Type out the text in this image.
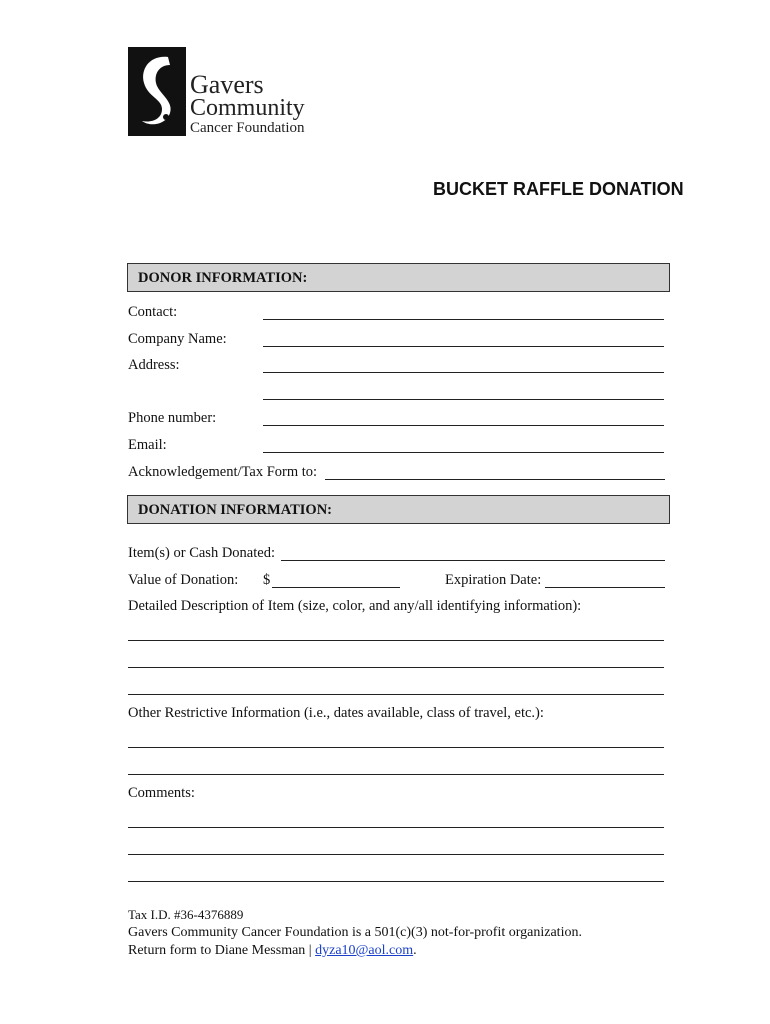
Gavers
Community
Cancer Foundation
BUCKET RAFFLE DONATION
DONOR INFORMATION:
Contact:
Company Name:
Address:
Phone number:
Email:
Acknowledgement/Tax Form to:
DONATION INFORMATION:
Item(s) or Cash Donated:
Value of Donation: $	Expiration Date:
Detailed Description of Item (size, color, and any/all identifying information):
Other Restrictive Information (i.e., dates available, class of travel, etc.):
Comments:
Tax I.D. #36-4376889
Gavers Community Cancer Foundation is a 501(c)(3) not-for-profit organization.
Return form to Diane Messman | dyza10@aol.com.
